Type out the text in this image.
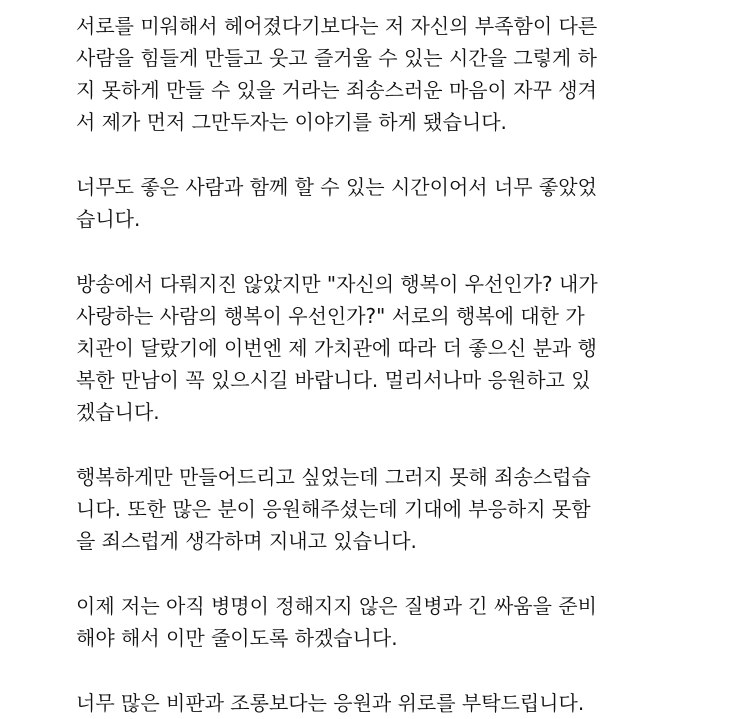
서로를 미워해서 헤어졌다기보다는 저 자신의 부족함이 다른
사람을 힘들게 만들고 웃고 즐거울 수 있는 시간을 그렇게 하
지 못하게 만들 수 있을 거라는 죄송스러운 마음이 자꾸 생겨
서 제가 먼저 그만두자는 이야기를 하게 됐습니다.

너무도 좋은 사람과 함께 할 수 있는 시간이어서 너무 좋았었
습니다.

방송에서 다뤄지진 않았지만 "자신의 행복이 우선인가? 내가
사랑하는 사람의 행복이 우선인가?" 서로의 행복에 대한 가
치관이 달랐기에 이번엔 제 가치관에 따라 더 좋으신 분과 행
복한 만남이 꼭 있으시길 바랍니다. 멀리서나마 응원하고 있
겠습니다.

행복하게만 만들어드리고 싶었는데 그러지 못해 죄송스럽습
니다. 또한 많은 분이 응원해주셨는데 기대에 부응하지 못함
을 죄스럽게 생각하며 지내고 있습니다.

이제 저는 아직 병명이 정해지지 않은 질병과 긴 싸움을 준비
해야 해서 이만 줄이도록 하겠습니다.

너무 많은 비판과 조롱보다는 응원과 위로를 부탁드립니다.
